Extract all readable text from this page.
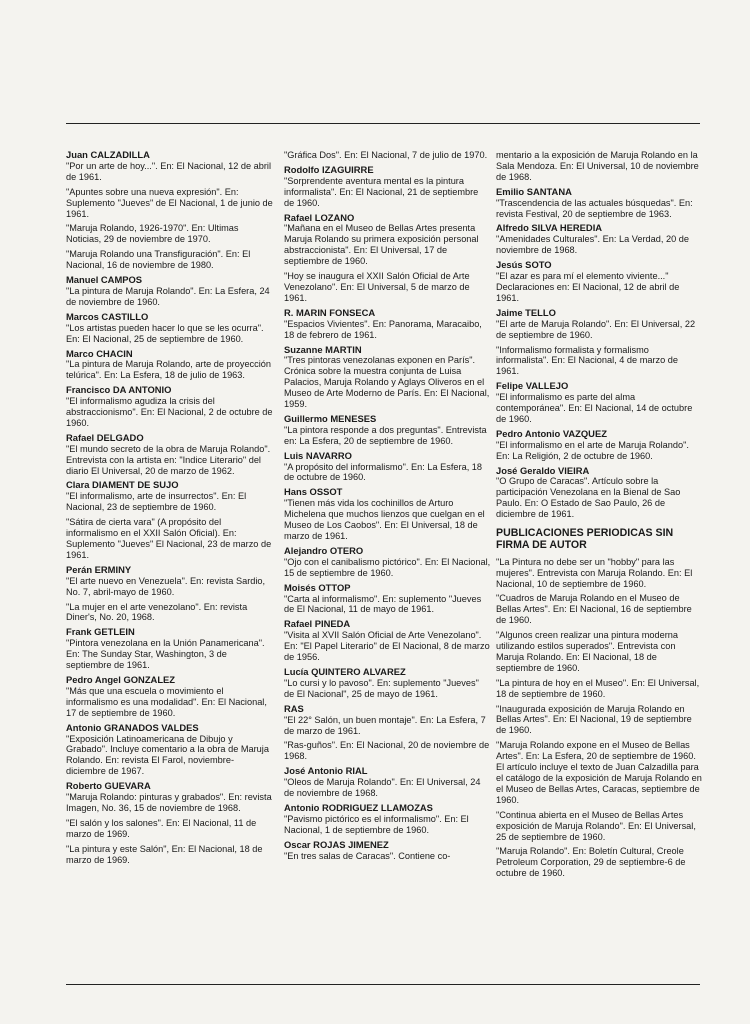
Juan CALZADILLA
"Por un arte de hoy...". En: El Nacional, 12 de abril de 1961.
"Apuntes sobre una nueva expresión". En: Suplemento "Jueves" de El Nacional, 1 de junio de 1961.
"Maruja Rolando, 1926-1970". En: Ultimas Noticias, 29 de noviembre de 1970.
"Maruja Rolando una Transfiguración". En: El Nacional, 16 de noviembre de 1980.
Manuel CAMPOS
"La pintura de Maruja Rolando". En: La Esfera, 24 de noviembre de 1960.
Marcos CASTILLO
"Los artistas pueden hacer lo que se les ocurra". En: El Nacional, 25 de septiembre de 1960.
Marco CHACIN
"La pintura de Maruja Rolando, arte de proyección telúrica". En: La Esfera, 18 de julio de 1963.
Francisco DA ANTONIO
"El informalismo agudiza la crisis del abstraccionismo". En: El Nacional, 2 de octubre de 1960.
Rafael DELGADO
"El mundo secreto de la obra de Maruja Rolando". Entrevista con la artista en: "Indice Literario" del diario El Universal, 20 de marzo de 1962.
Clara DIAMENT DE SUJO
"El informalismo, arte de insurrectos". En: El Nacional, 23 de septiembre de 1960.
"Sátira de cierta vara" (A propósito del informalismo en el XXII Salón Oficial). En: Suplemento "Jueves" El Nacional, 23 de marzo de 1961.
Perán ERMINY
"El arte nuevo en Venezuela". En: revista Sardio, No. 7, abril-mayo de 1960.
"La mujer en el arte venezolano". En: revista Diner's, No. 20, 1968.
Frank GETLEIN
"Pintora venezolana en la Unión Panamericana". En: The Sunday Star, Washington, 3 de septiembre de 1961.
Pedro Angel GONZALEZ
"Más que una escuela o movimiento el informalismo es una modalidad". En: El Nacional, 17 de septiembre de 1960.
Antonio GRANADOS VALDES
"Exposición Latinoamericana de Dibujo y Grabado". Incluye comentario a la obra de Maruja Rolando. En: revista El Farol, noviembre-diciembre de 1967.
Roberto GUEVARA
"Maruja Rolando: pinturas y grabados". En: revista Imagen, No. 36, 15 de noviembre de 1968.
"El salón y los salones". En: El Nacional, 11 de marzo de 1969.
"La pintura y este Salón", En: El Nacional, 18 de marzo de 1969.
"Gráfica Dos". En: El Nacional, 7 de julio de 1970.
Rodolfo IZAGUIRRE
"Sorprendente aventura mental es la pintura informalista". En: El Nacional, 21 de septiembre de 1960.
Rafael LOZANO
"Mañana en el Museo de Bellas Artes presenta Maruja Rolando su primera exposición personal abstraccionista". En: El Universal, 17 de septiembre de 1960.
"Hoy se inaugura el XXII Salón Oficial de Arte Venezolano". En: El Universal, 5 de marzo de 1961.
R. MARIN FONSECA
"Espacios Vivientes". En: Panorama, Maracaibo, 18 de febrero de 1961.
Suzanne MARTIN
"Tres pintoras venezolanas exponen en París". Crónica sobre la muestra conjunta de Luisa Palacios, Maruja Rolando y Aglays Oliveros en el Museo de Arte Moderno de París. En: El Nacional, 1959.
Guillermo MENESES
"La pintora responde a dos preguntas". Entrevista en: La Esfera, 20 de septiembre de 1960.
Luis NAVARRO
"A propósito del informalismo". En: La Esfera, 18 de octubre de 1960.
Hans OSSOT
"Tienen más vida los cochinillos de Arturo Michelena que muchos lienzos que cuelgan en el Museo de Los Caobos". En: El Universal, 18 de marzo de 1961.
Alejandro OTERO
"Ojo con el canibalismo pictórico". En: El Nacional, 15 de septiembre de 1960.
Moisés OTTOP
"Carta al informalismo". En: suplemento "Jueves de El Nacional, 11 de mayo de 1961.
Rafael PINEDA
"Visita al XVII Salón Oficial de Arte Venezolano". En: "El Papel Literario" de El Nacional, 8 de marzo de 1956.
Lucía QUINTERO ALVAREZ
"Lo cursi y lo pavoso". En: suplemento "Jueves" de El Nacional", 25 de mayo de 1961.
RAS
"El 22° Salón, un buen montaje". En: La Esfera, 7 de marzo de 1961.
"Ras-guños". En: El Nacional, 20 de noviembre de 1968.
José Antonio RIAL
"Oleos de Maruja Rolando". En: El Universal, 24 de noviembre de 1968.
Antonio RODRIGUEZ LLAMOZAS
"Pavismo pictórico es el informalismo". En: El Nacional, 1 de septiembre de 1960.
Oscar ROJAS JIMENEZ
"En tres salas de Caracas". Contiene co-
mentario a la exposición de Maruja Rolando en la Sala Mendoza. En: El Universal, 10 de noviembre de 1968.
Emilio SANTANA
"Trascendencia de las actuales búsquedas". En: revista Festival, 20 de septiembre de 1963.
Alfredo SILVA HEREDIA
"Amenidades Culturales". En: La Verdad, 20 de noviembre de 1968.
Jesús SOTO
"El azar es para mí el elemento viviente..." Declaraciones en: El Nacional, 12 de abril de 1961.
Jaime TELLO
"El arte de Maruja Rolando". En: El Universal, 22 de septiembre de 1960.
"Informalismo formalista y formalismo informalista". En: El Nacional, 4 de marzo de 1961.
Felipe VALLEJO
"El informalismo es parte del alma contemporánea". En: El Nacional, 14 de octubre de 1960.
Pedro Antonio VAZQUEZ
"El informalismo en el arte de Maruja Rolando". En: La Religión, 2 de octubre de 1960.
José Geraldo VIEIRA
"O Grupo de Caracas". Artículo sobre la participación Venezolana en la Bienal de Sao Paulo. En: O Estado de Sao Paulo, 26 de diciembre de 1961.
PUBLICACIONES PERIODICAS SIN FIRMA DE AUTOR
"La Pintura no debe ser un "hobby" para las mujeres". Entrevista con Maruja Rolando. En: El Nacional, 10 de septiembre de 1960.
"Cuadros de Maruja Rolando en el Museo de Bellas Artes". En: El Nacional, 16 de septiembre de 1960.
"Algunos creen realizar una pintura moderna utilizando estilos superados". Entrevista con Maruja Rolando. En: El Nacional, 18 de septiembre de 1960.
"La pintura de hoy en el Museo". En: El Universal, 18 de septiembre de 1960.
"Inaugurada exposición de Maruja Rolando en Bellas Artes". En: El Nacional, 19 de septiembre de 1960.
"Maruja Rolando expone en el Museo de Bellas Artes". En: La Esfera, 20 de septiembre de 1960. El artículo incluye el texto de Juan Calzadilla para el catálogo de la exposición de Maruja Rolando en el Museo de Bellas Artes, Caracas, septiembre de 1960.
"Continua abierta en el Museo de Bellas Artes exposición de Maruja Rolando". En: El Universal, 25 de septiembre de 1960.
"Maruja Rolando". En: Boletín Cultural, Creole Petroleum Corporation, 29 de septiembre-6 de octubre de 1960.
